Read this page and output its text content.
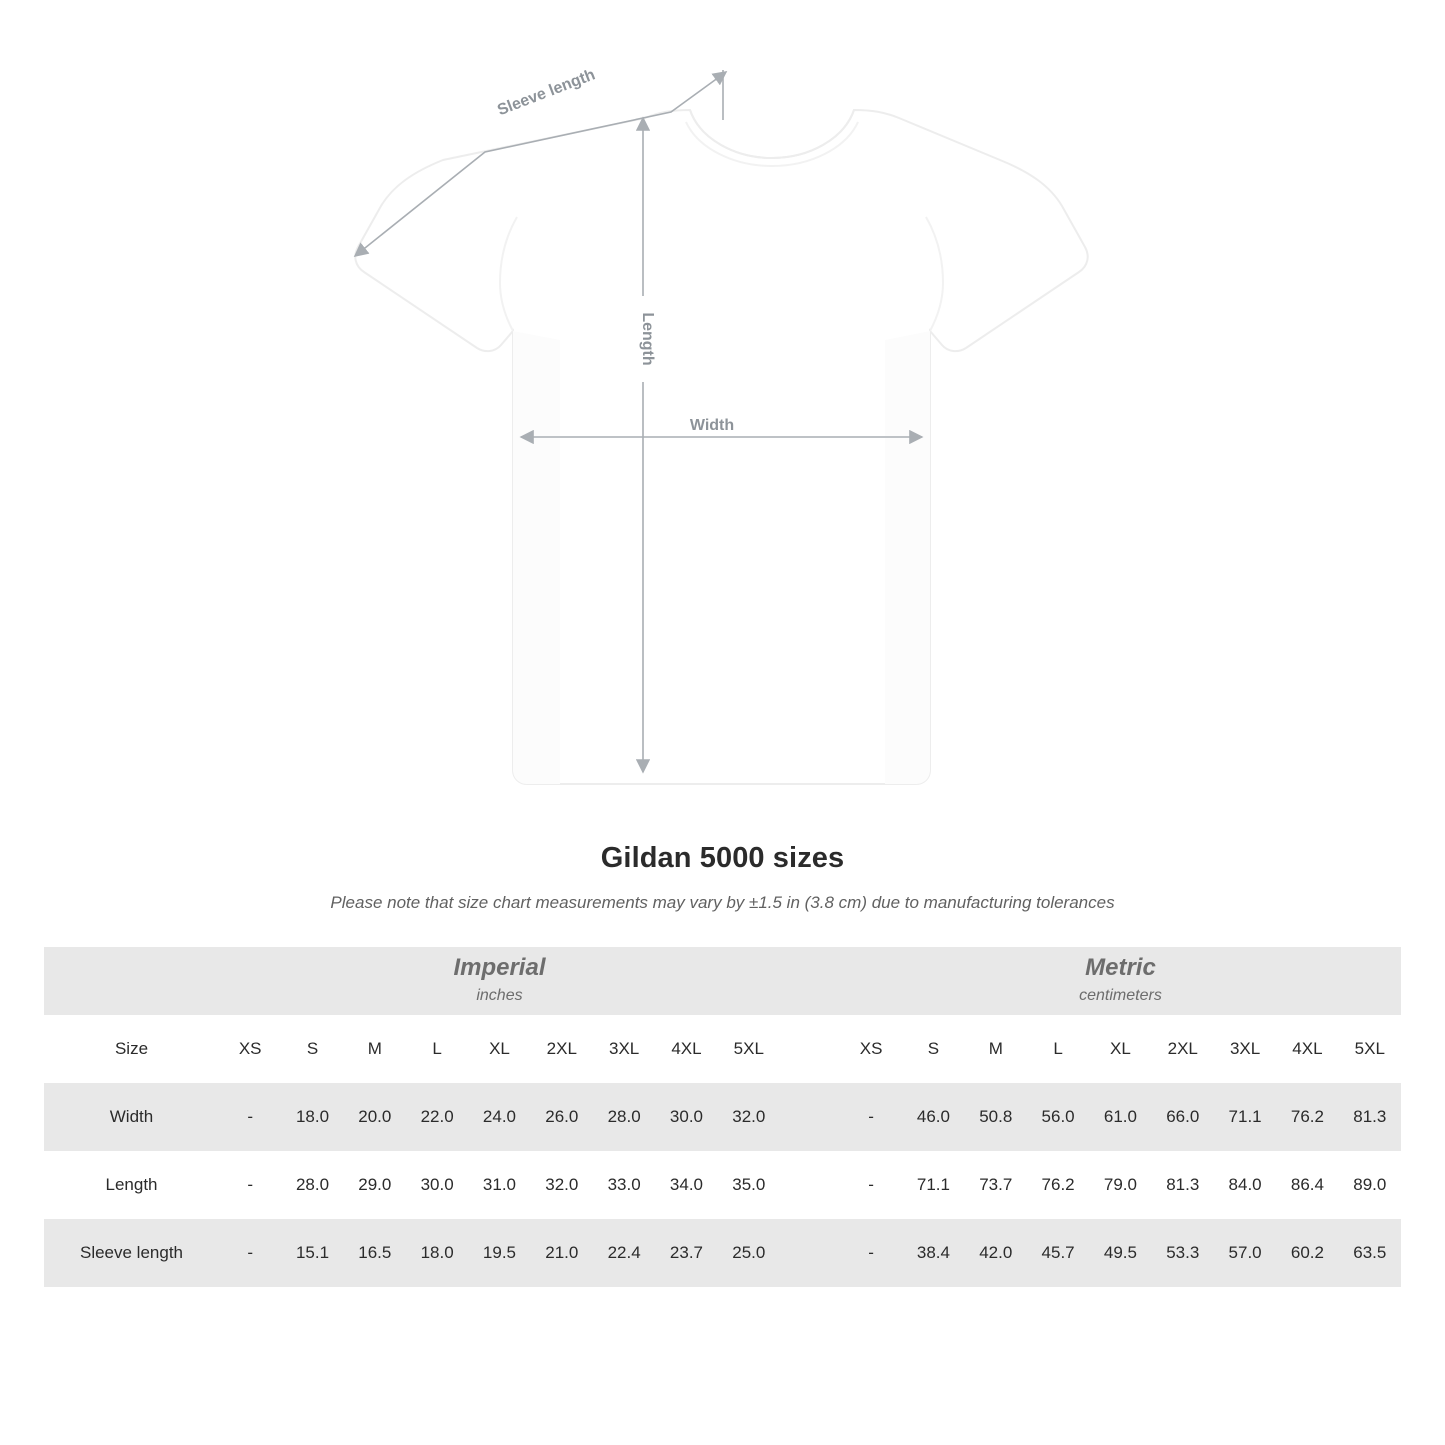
Width
Length
Sleeve length
Gildan 5000 sizes
Please note that size chart measurements may vary by ±1.5 in (3.8 cm) due to manufacturing tolerances

Imperial
inches

Metric
centimeters

Size	XS	S	M	L	XL	2XL	3XL	4XL	5XL		XS	S	M	L	XL	2XL	3XL	4XL	5XL
Width	-	18.0	20.0	22.0	24.0	26.0	28.0	30.0	32.0		-	46.0	50.8	56.0	61.0	66.0	71.1	76.2	81.3
Length	-	28.0	29.0	30.0	31.0	32.0	33.0	34.0	35.0		-	71.1	73.7	76.2	79.0	81.3	84.0	86.4	89.0
Sleeve length	-	15.1	16.5	18.0	19.5	21.0	22.4	23.7	25.0		-	38.4	42.0	45.7	49.5	53.3	57.0	60.2	63.5
